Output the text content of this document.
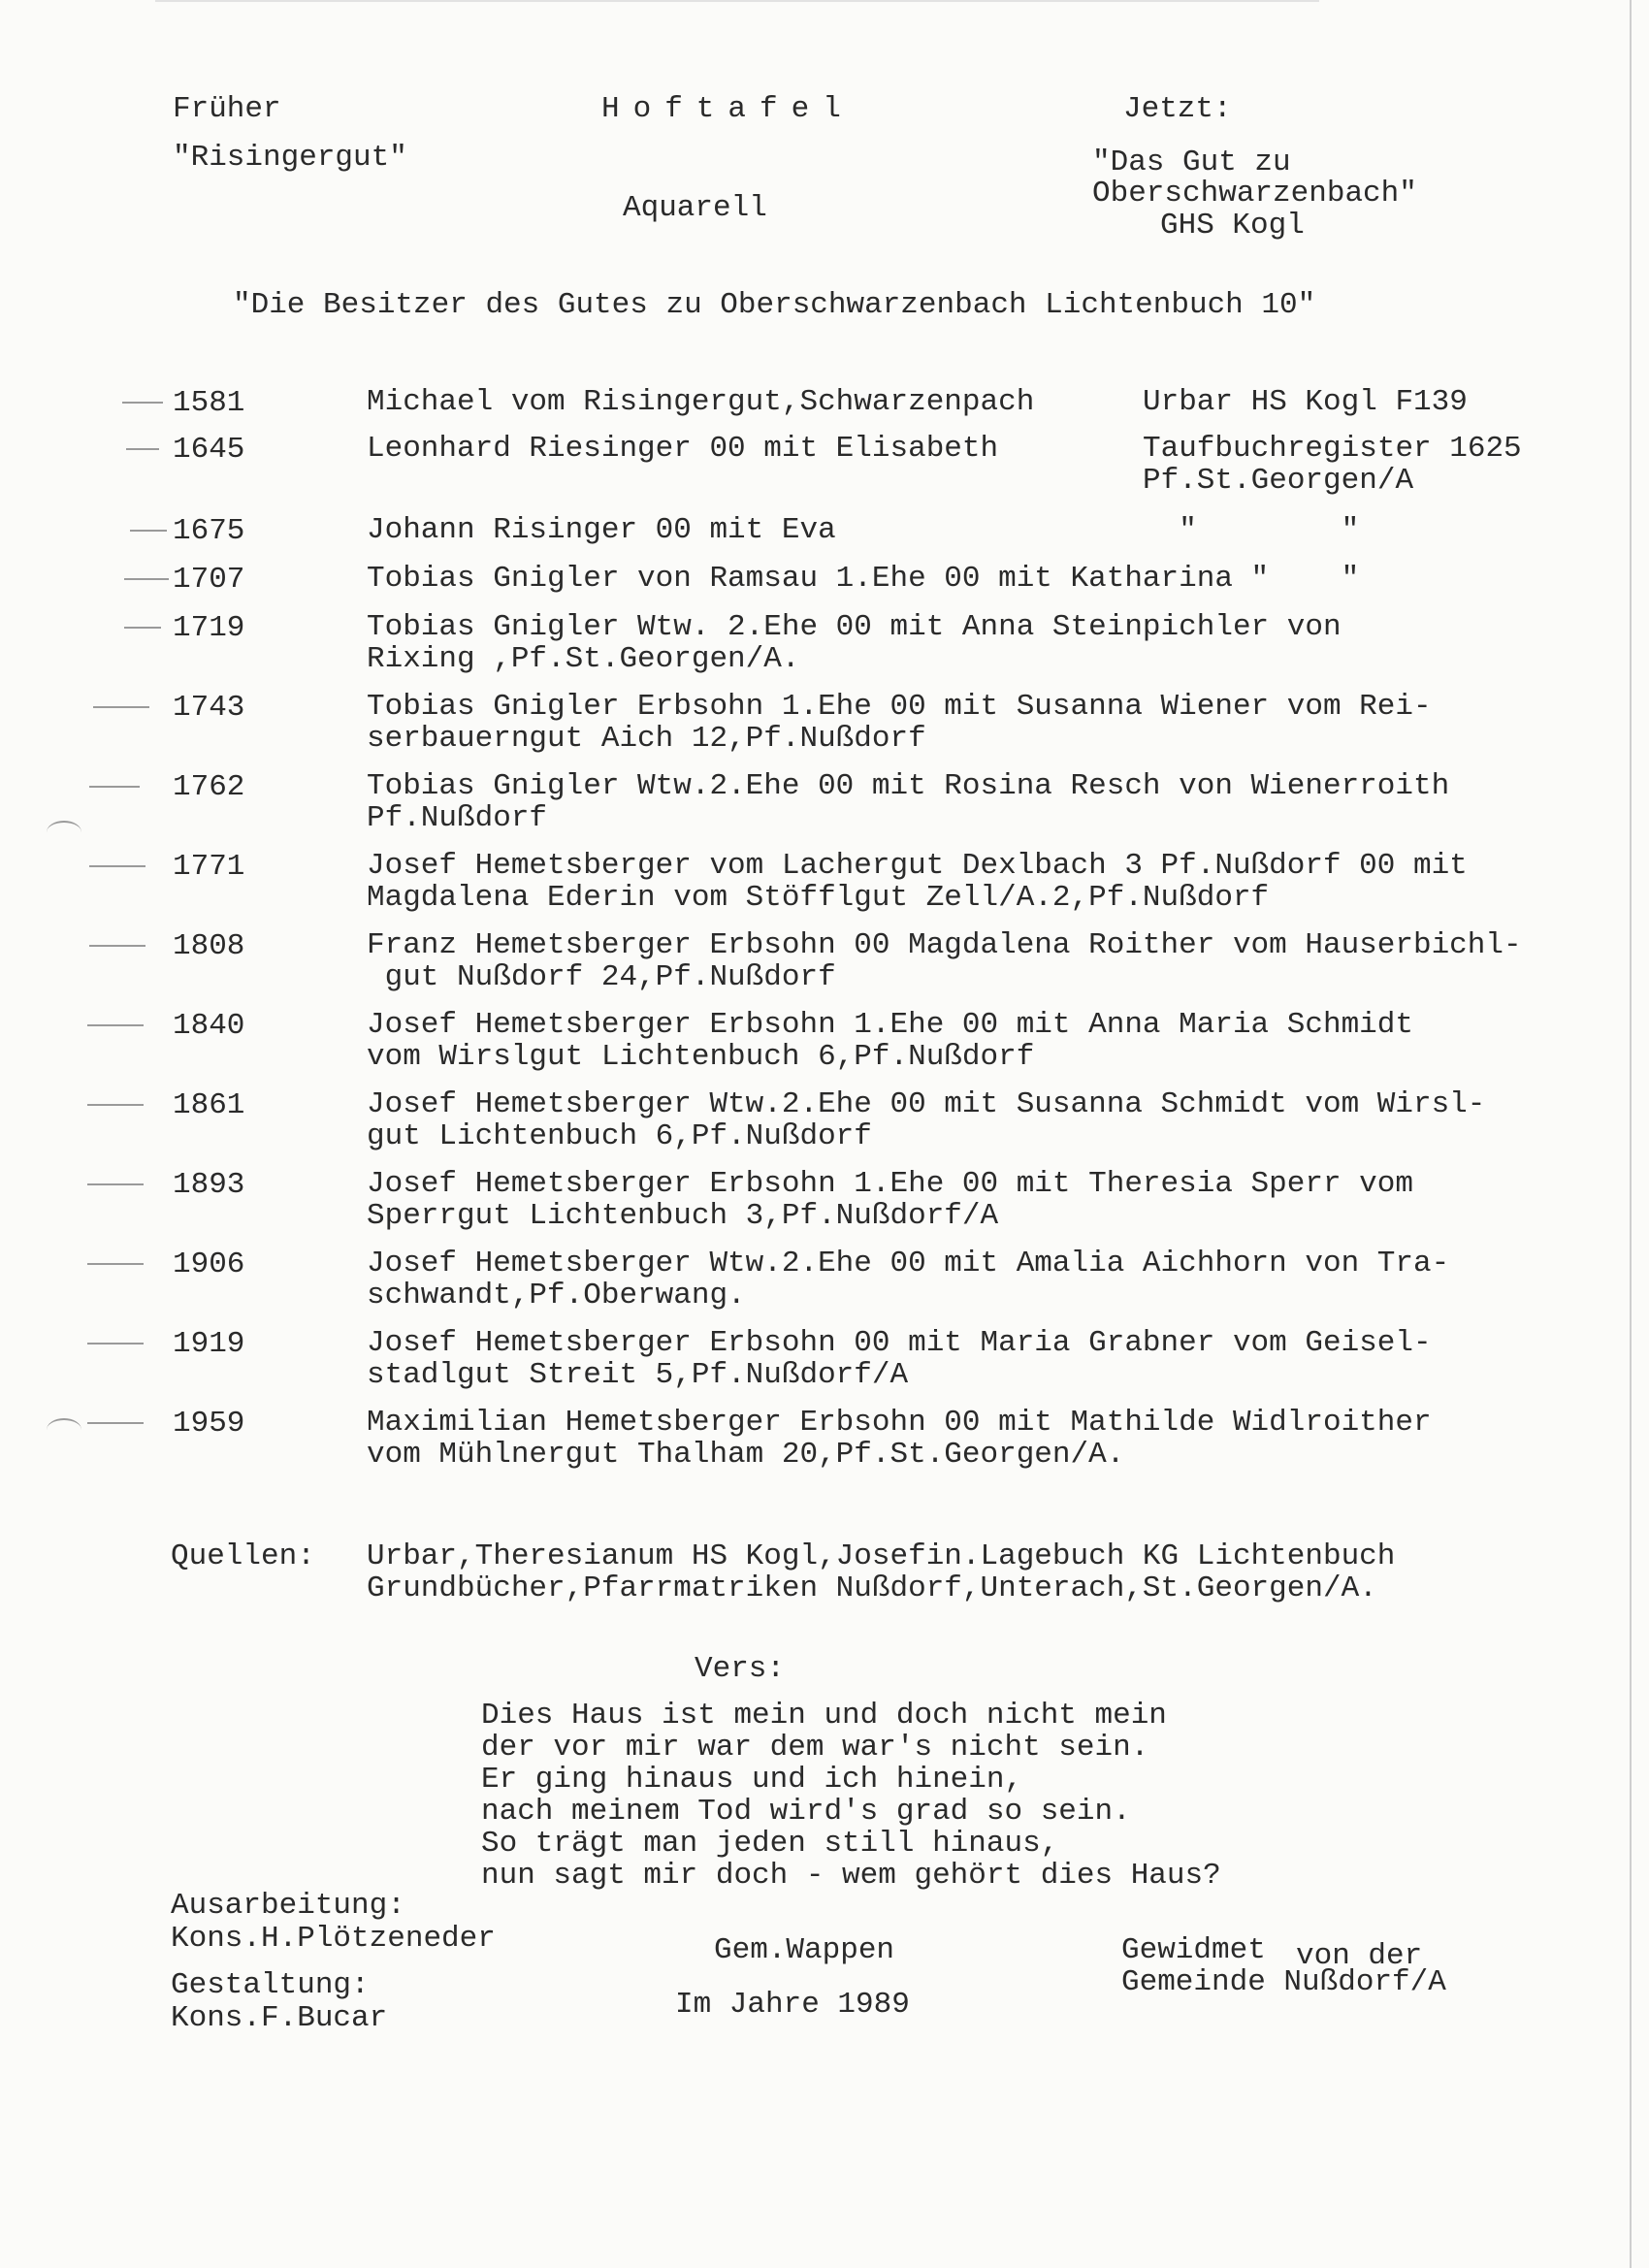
Früher
"Risingergut"
Hoftafel
Aquarell
Jetzt:
"Das Gut zu
Oberschwarzenbach"
GHS Kogl
"Die Besitzer des Gutes zu Oberschwarzenbach Lichtenbuch 10"
1581	Michael vom Risingergut,Schwarzenpach	Urbar HS Kogl F139
1645	Leonhard Riesinger 00 mit Elisabeth	Taufbuchregister 1625
Pf.St.Georgen/A
1675	Johann Risinger 00 mit Eva	"        "
1707	Tobias Gnigler von Ramsau 1.Ehe 00 mit Katharina "    "
1719	Tobias Gnigler Wtw. 2.Ehe 00 mit Anna Steinpichler von
Rixing ,Pf.St.Georgen/A.
1743	Tobias Gnigler Erbsohn 1.Ehe 00 mit Susanna Wiener vom Rei-
serbauerngut Aich 12,Pf.Nußdorf
1762	Tobias Gnigler Wtw.2.Ehe 00 mit Rosina Resch von Wienerroith
Pf.Nußdorf
1771	Josef Hemetsberger vom Lachergut Dexlbach 3 Pf.Nußdorf 00 mit
Magdalena Ederin vom Stöfflgut Zell/A.2,Pf.Nußdorf
1808	Franz Hemetsberger Erbsohn 00 Magdalena Roither vom Hauserbichl-
gut Nußdorf 24,Pf.Nußdorf
1840	Josef Hemetsberger Erbsohn 1.Ehe 00 mit Anna Maria Schmidt
vom Wirslgut Lichtenbuch 6,Pf.Nußdorf
1861	Josef Hemetsberger Wtw.2.Ehe 00 mit Susanna Schmidt vom Wirsl-
gut Lichtenbuch 6,Pf.Nußdorf
1893	Josef Hemetsberger Erbsohn 1.Ehe 00 mit Theresia Sperr vom
Sperrgut Lichtenbuch 3,Pf.Nußdorf/A
1906	Josef Hemetsberger Wtw.2.Ehe 00 mit Amalia Aichhorn von Tra-
schwandt,Pf.Oberwang.
1919	Josef Hemetsberger Erbsohn 00 mit Maria Grabner vom Geisel-
stadlgut Streit 5,Pf.Nußdorf/A
1959	Maximilian Hemetsberger Erbsohn 00 mit Mathilde Widlroither
vom Mühlnergut Thalham 20,Pf.St.Georgen/A.
Quellen: Urbar,Theresianum HS Kogl,Josefin.Lagebuch KG Lichtenbuch
Grundbücher,Pfarrmatriken Nußdorf,Unterach,St.Georgen/A.
Vers:
Dies Haus ist mein und doch nicht mein
der vor mir war dem war's nicht sein.
Er ging hinaus und ich hinein,
nach meinem Tod wird's grad so sein.
So trägt man jeden still hinaus,
nun sagt mir doch - wem gehört dies Haus?
Ausarbeitung:
Kons.H.Plötzeneder
Gestaltung:
Kons.F.Bucar
Gem.Wappen
Im Jahre 1989
Gewidmet
Gemeinde Nußdorf/A
von der
